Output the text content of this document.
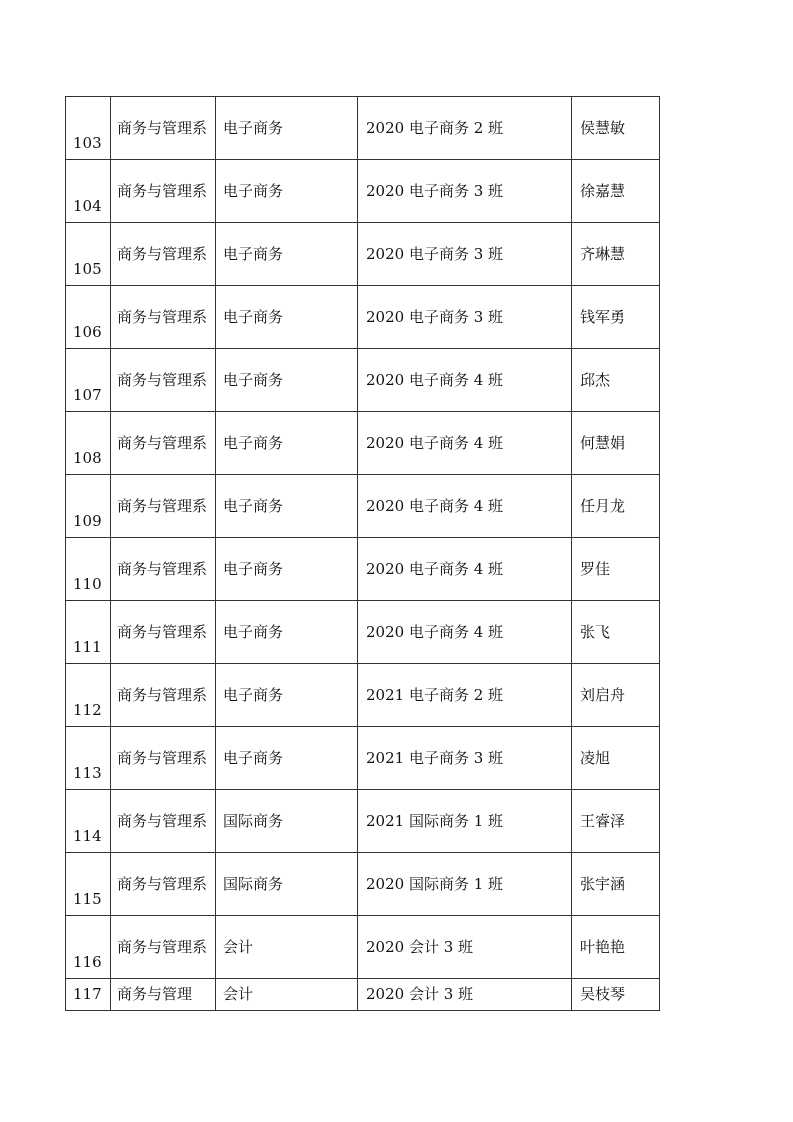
103	商务与管理系	电子商务	2020 电子商务 2 班	侯慧敏
104	商务与管理系	电子商务	2020 电子商务 3 班	徐嘉慧
105	商务与管理系	电子商务	2020 电子商务 3 班	齐琳慧
106	商务与管理系	电子商务	2020 电子商务 3 班	钱军勇
107	商务与管理系	电子商务	2020 电子商务 4 班	邱杰
108	商务与管理系	电子商务	2020 电子商务 4 班	何慧娟
109	商务与管理系	电子商务	2020 电子商务 4 班	任月龙
110	商务与管理系	电子商务	2020 电子商务 4 班	罗佳
111	商务与管理系	电子商务	2020 电子商务 4 班	张飞
112	商务与管理系	电子商务	2021 电子商务 2 班	刘启舟
113	商务与管理系	电子商务	2021 电子商务 3 班	凌旭
114	商务与管理系	国际商务	2021 国际商务 1 班	王睿泽
115	商务与管理系	国际商务	2020 国际商务 1 班	张宇涵
116	商务与管理系	会计	2020 会计 3 班	叶艳艳
117	商务与管理	会计	2020 会计 3 班	吴枝琴
